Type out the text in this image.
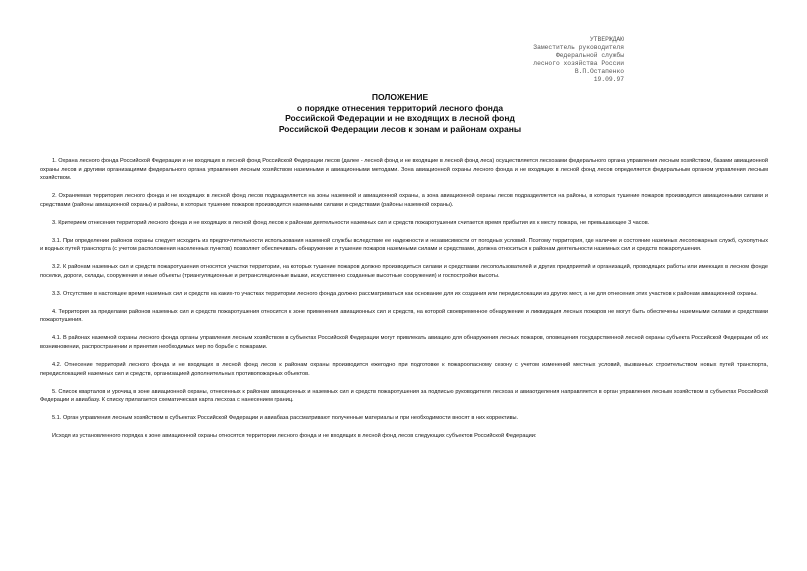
УТВЕРЖДАЮ
Заместитель руководителя
Федеральной службы
лесного хозяйства России
В.П.Остапенко
19.09.97
ПОЛОЖЕНИЕ
о порядке отнесения территорий лесного фонда
Российской Федерации и не входящих в лесной фонд
Российской Федерации лесов к зонам и районам охраны

1. Охрана лесного фонда Российской Федерации и не входящих в лесной фонд Российской Федерации лесов (далее - лесной фонд и не входящие в лесной фонд леса) осуществляется лесхозами федерального органа управления лесным хозяйством, базами авиационной охраны лесов и другими организациями федерального органа управления лесным хозяйством наземными и авиационными методами. Зона авиационной охраны лесного фонда и не входящих в лесной фонд лесов определяется федеральным органом управления лесным хозяйством.

2. Охраняемая территория лесного фонда и не входящих в лесной фонд лесов подразделяется на зоны наземной и авиационной охраны, а зона авиационной охраны лесов подразделяется на районы, в которых тушение пожаров производится авиационными силами и средствами (районы авиационной охраны) и районы, в которых тушение пожаров производится наземными силами и средствами (районы наземной охраны).

3. Критерием отнесения территорий лесного фонда и не входящих в лесной фонд лесов к районам деятельности наземных сил и средств пожаротушения считается время прибытия их к месту пожара, не превышающее 3 часов.

3.1. При определении районов охраны следует исходить из предпочтительности использования наземной службы вследствие ее надежности и независимости от погодных условий. Поэтому территория, где наличие и состояние наземных лесопожарных служб, сухопутных и водных путей транспорта (с учетом расположения населенных пунктов) позволяет обеспечивать обнаружение и тушение пожаров наземными силами и средствами, должна относиться к районам деятельности наземных сил и средств пожаротушения.

3.2. К районам наземных сил и средств пожаротушения относятся участки территории, на которых тушение пожаров должно производиться силами и средствами лесопользователей и других предприятий и организаций, проводящих работы или имеющих в лесном фонде поселки, дороги, склады, сооружения и иные объекты (триангуляционные и ретрансляционные вышки, искусственно созданные высотные сооружения) и госпостройки высоты.

3.3. Отсутствие в настоящее время наземных сил и средств на каких-то участках территории лесного фонда должно рассматриваться как основание для их создания или передислокации из других мест, а не для отнесения этих участков к районам авиационной охраны.

4. Территория за пределами районов наземных сил и средств пожаротушения относится к зоне применения авиационных сил и средств, на которой своевременное обнаружение и ликвидация лесных пожаров не могут быть обеспечены наземными силами и средствами пожаротушения.

4.1. В районах наземной охраны лесного фонда органы управления лесным хозяйством в субъектах Российской Федерации могут привлекать авиацию для обнаружения лесных пожаров, оповещения государственной лесной охраны субъекта Российской Федерации об их возникновении, распространении и принятия необходимых мер по борьбе с пожарами.

4.2. Отнесение территорий лесного фонда и не входящих в лесной фонд лесов к районам охраны производится ежегодно при подготовке к пожароопасному сезону с учетом изменений местных условий, вызванных строительством новых путей транспорта, передислокацией наземных сил и средств, организацией дополнительных противопожарных объектов.

5. Список кварталов и урочищ в зоне авиационной охраны, отнесенных к районам авиационных и наземных сил и средств пожаротушения за подписью руководителя лесхоза и авиаотделения направляется в орган управления лесным хозяйством в субъектах Российской Федерации и авиабазу. К списку прилагается схематическая карта лесхоза с нанесением границ.

5.1. Орган управления лесным хозяйством в субъектах Российской Федерации и авиабаза рассматривают полученные материалы и при необходимости вносят в них коррективы.

Исходя из установленного порядка к зоне авиационной охраны относятся территории лесного фонда и не входящих в лесной фонд лесов следующих субъектов Российской Федерации:
